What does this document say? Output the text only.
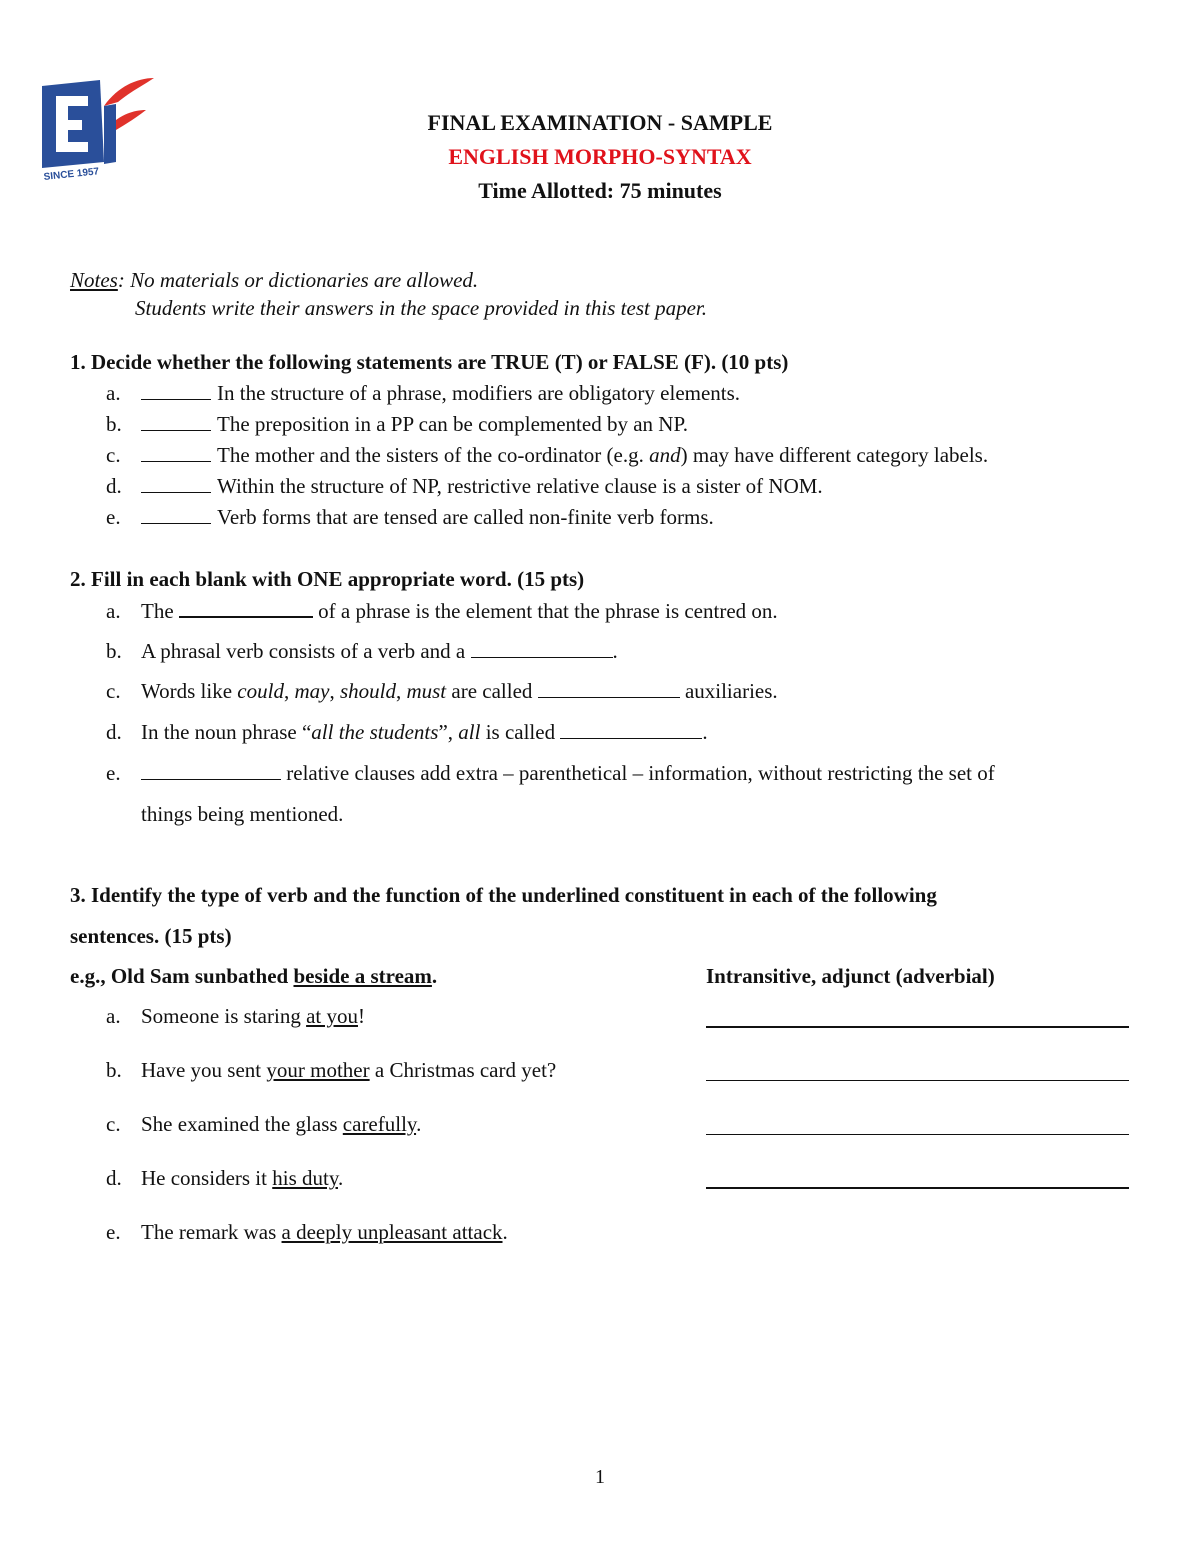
SINCE 1957
FINAL EXAMINATION - SAMPLE
ENGLISH MORPHO-SYNTAX
Time Allotted: 75 minutes
Notes: No materials or dictionaries are allowed.
Students write their answers in the space provided in this test paper.
1. Decide whether the following statements are TRUE (T) or FALSE (F). (10 pts)
a.	In the structure of a phrase, modifiers are obligatory elements.
b.	The preposition in a PP can be complemented by an NP.
c.	The mother and the sisters of the co-ordinator (e.g. and) may have different category labels.
d.	Within the structure of NP, restrictive relative clause is a sister of NOM.
e.	Verb forms that are tensed are called non-finite verb forms.
2. Fill in each blank with ONE appropriate word. (15 pts)
a. The	of a phrase is the element that the phrase is centred on.
b. A phrasal verb consists of a verb and a	.
c. Words like could, may, should, must are called	auxiliaries.
d. In the noun phrase “all the students”, all is called	.
e.	relative clauses add extra – parenthetical – information, without restricting the set of
things being mentioned.
3. Identify the type of verb and the function of the underlined constituent in each of the following
sentences. (15 pts)
e.g., Old Sam sunbathed beside a stream.	Intransitive, adjunct (adverbial)
a. Someone is staring at you!
b. Have you sent your mother a Christmas card yet?
c. She examined the glass carefully.
d. He considers it his duty.
e. The remark was a deeply unpleasant attack.
1
